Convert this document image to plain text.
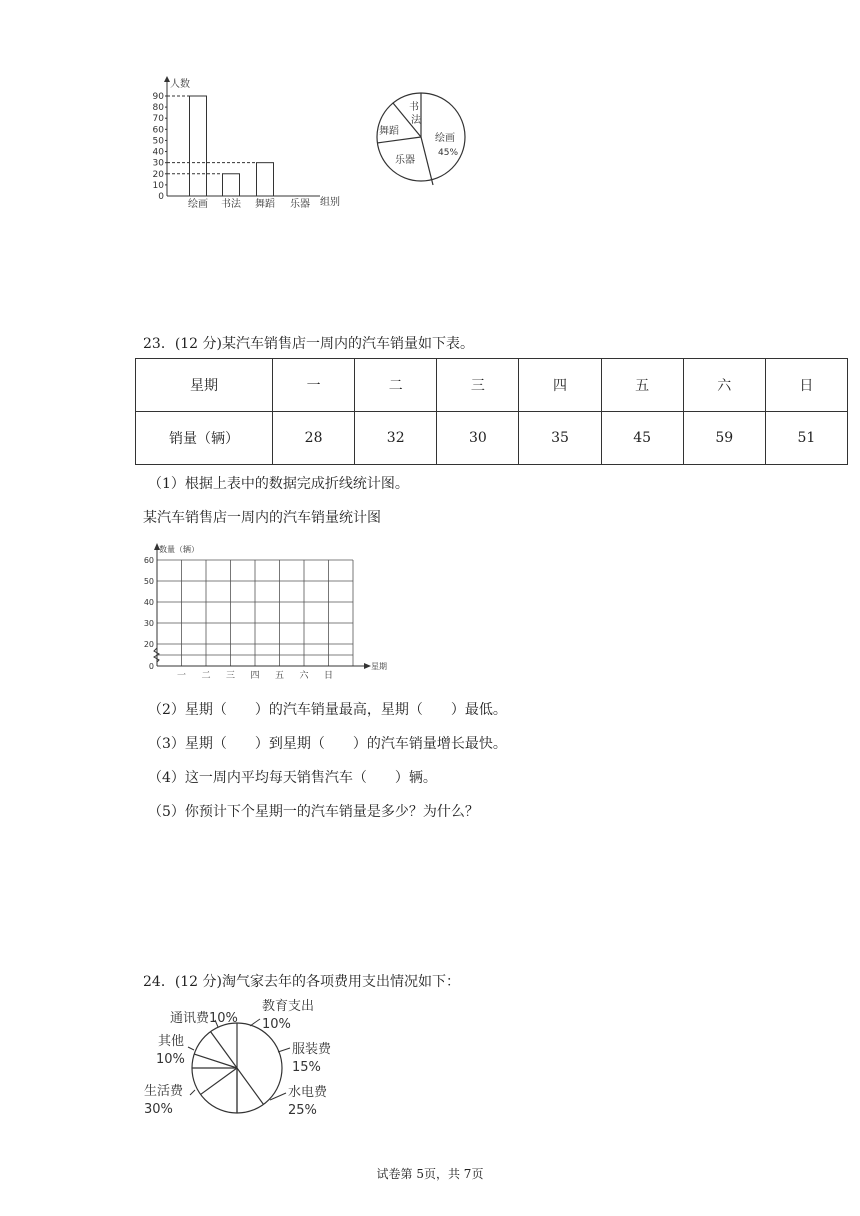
人数
组别
0
10
20
30
40
50
60
70
80
90
绘画 书法 舞蹈 乐器
书
法
舞蹈
乐器
绘画
45%
23．(12 分)某汽车销售店一周内的汽车销量如下表。
星期	一	二	三	四	五	六	日
销量（辆）	28	32	30	35	45	59	51
（1）根据上表中的数据完成折线统计图。
某汽车销售店一周内的汽车销量统计图
数量（辆）
星期
0
20
30
40
50
60
一 二 三 四 五 六 日
（2）星期（　　）的汽车销量最高，星期（　　）最低。
（3）星期（　　）到星期（　　）的汽车销量增长最快。
（4）这一周内平均每天销售汽车（　　）辆。
（5）你预计下个星期一的汽车销量是多少？为什么？
24．(12 分)淘气家去年的各项费用支出情况如下：
通讯费10%
教育支出
10%
其他
10%
服装费
15%
生活费
30%
水电费
25%
试卷第 5页，共 7页
